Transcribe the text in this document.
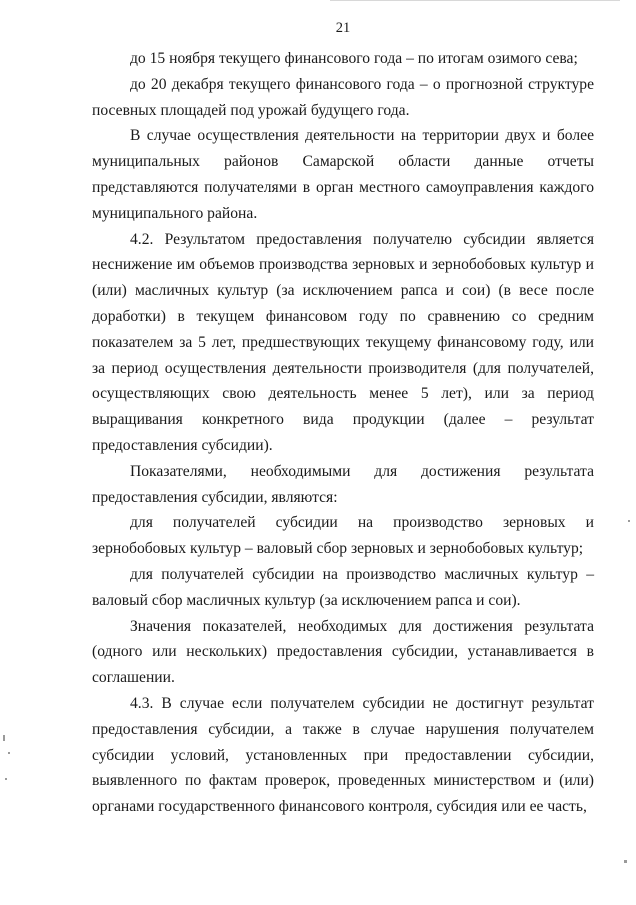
21

до 15 ноября текущего финансового года – по итогам озимого сева;

до 20 декабря текущего финансового года – о прогнозной структуре посевных площадей под урожай будущего года.

В случае осуществления деятельности на территории двух и более муниципальных районов Самарской области данные отчеты представляются получателями в орган местного самоуправления каждого муниципального района.

4.2. Результатом предоставления получателю субсидии является неснижение им объемов производства зерновых и зернобобовых культур и (или) масличных культур (за исключением рапса и сои) (в весе после доработки) в текущем финансовом году по сравнению со средним показателем за 5 лет, предшествующих текущему финансовому году, или за период осуществления деятельности производителя (для получателей, осуществляющих свою деятельность менее 5 лет), или за период выращивания конкретного вида продукции (далее – результат предоставления субсидии).

Показателями, необходимыми для достижения результата предоставления субсидии, являются:

для получателей субсидии на производство зерновых и зернобобовых культур – валовый сбор зерновых и зернобобовых культур;

для получателей субсидии на производство масличных культур – валовый сбор масличных культур (за исключением рапса и сои).

Значения показателей, необходимых для достижения результата (одного или нескольких) предоставления субсидии, устанавливается в соглашении.

4.3. В случае если получателем субсидии не достигнут результат предоставления субсидии, а также в случае нарушения получателем субсидии условий, установленных при предоставлении субсидии, выявленного по фактам проверок, проведенных министерством и (или) органами государственного финансового контроля, субсидия или ее часть,
